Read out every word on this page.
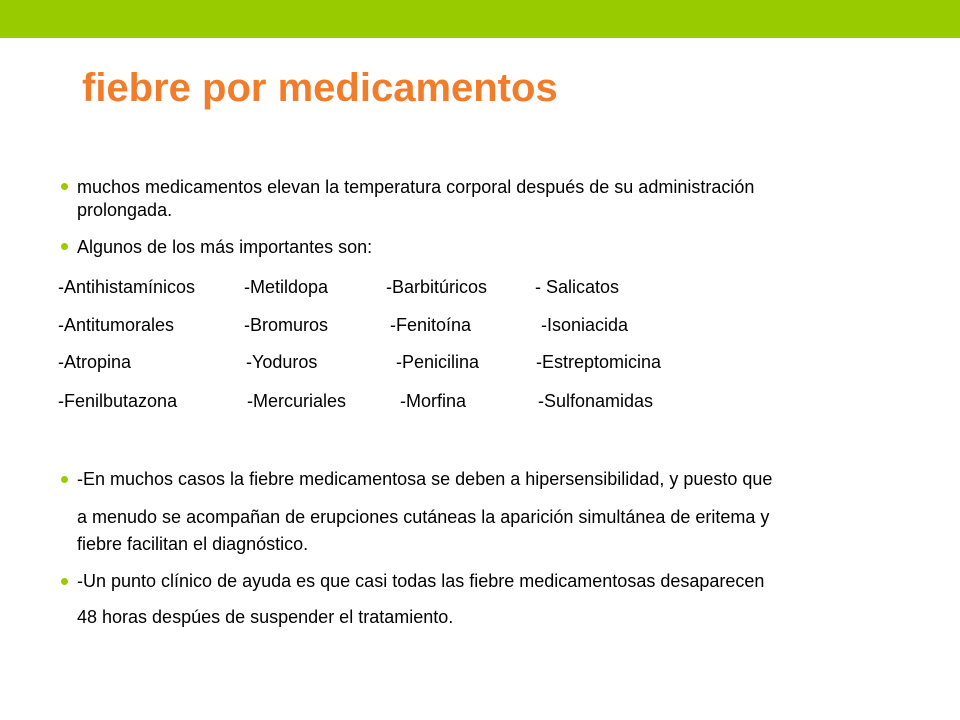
fiebre por medicamentos
muchos medicamentos elevan la temperatura corporal después de su administración
prolongada.
Algunos de los más importantes son:
-Antihistamínicos	-Metildopa	-Barbitúricos	- Salicatos
-Antitumorales	-Bromuros	-Fenitoína	-Isoniacida
-Atropina	-Yoduros	-Penicilina	-Estreptomicina
-Fenilbutazona	-Mercuriales	-Morfina	-Sulfonamidas
-En muchos casos la fiebre medicamentosa se deben a hipersensibilidad, y puesto que
a menudo se acompañan de erupciones cutáneas la aparición simultánea de eritema y
fiebre facilitan el diagnóstico.
-Un punto clínico de ayuda es que casi todas las fiebre medicamentosas desaparecen
48 horas despúes de suspender el tratamiento.
